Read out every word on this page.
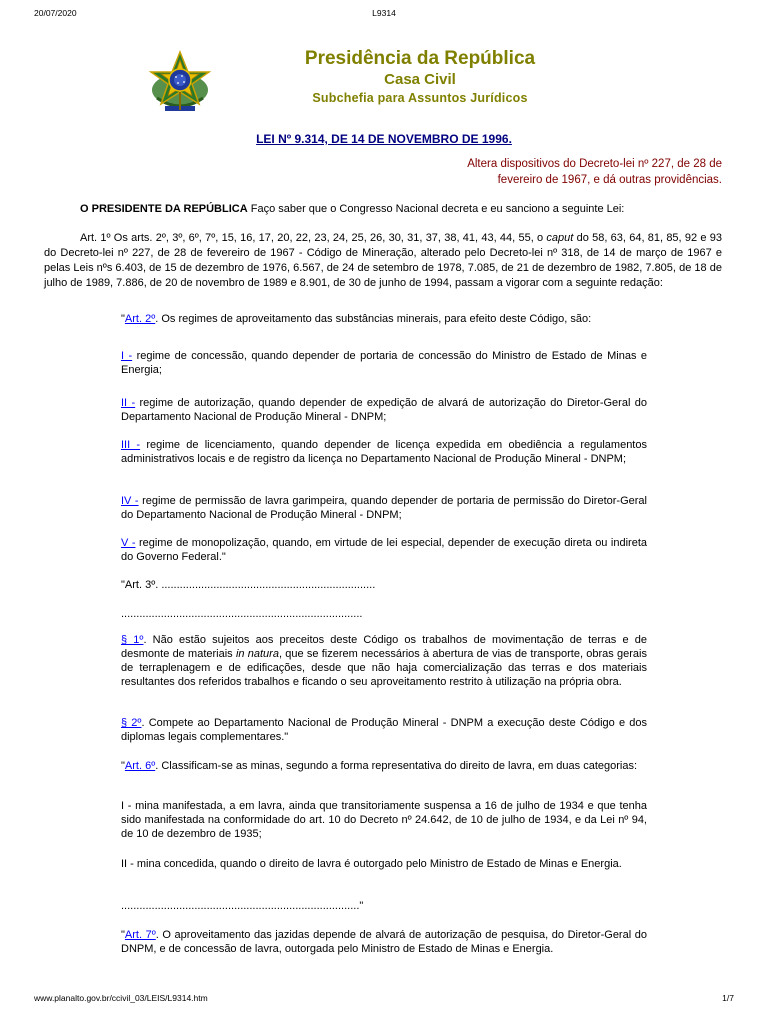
20/07/2020	L9314
Presidência da República
Casa Civil
Subchefia para Assuntos Jurídicos
LEI Nº 9.314, DE 14 DE NOVEMBRO DE 1996.
Altera dispositivos do Decreto-lei nº 227, de 28 de fevereiro de 1967, e dá outras providências.
O PRESIDENTE DA REPÚBLICA Faço saber que o Congresso Nacional decreta e eu sanciono a seguinte Lei:
Art. 1º Os arts. 2º, 3º, 6º, 7º, 15, 16, 17, 20, 22, 23, 24, 25, 26, 30, 31, 37, 38, 41, 43, 44, 55, o caput do 58, 63, 64, 81, 85, 92 e 93 do Decreto-lei nº 227, de 28 de fevereiro de 1967 - Código de Mineração, alterado pelo Decreto-lei nº 318, de 14 de março de 1967 e pelas Leis nºs 6.403, de 15 de dezembro de 1976, 6.567, de 24 de setembro de 1978, 7.085, de 21 de dezembro de 1982, 7.805, de 18 de julho de 1989, 7.886, de 20 de novembro de 1989 e 8.901, de 30 de junho de 1994, passam a vigorar com a seguinte redação:
"Art. 2º. Os regimes de aproveitamento das substâncias minerais, para efeito deste Código, são:
I - regime de concessão, quando depender de portaria de concessão do Ministro de Estado de Minas e Energia;
II - regime de autorização, quando depender de expedição de alvará de autorização do Diretor-Geral do Departamento Nacional de Produção Mineral - DNPM;
III - regime de licenciamento, quando depender de licença expedida em obediência a regulamentos administrativos locais e de registro da licença no Departamento Nacional de Produção Mineral - DNPM;
IV - regime de permissão de lavra garimpeira, quando depender de portaria de permissão do Diretor-Geral do Departamento Nacional de Produção Mineral - DNPM;
V - regime de monopolização, quando, em virtude de lei especial, depender de execução direta ou indireta do Governo Federal."
"Art. 3º. ......................................................................
...............................................................................
§ 1º. Não estão sujeitos aos preceitos deste Código os trabalhos de movimentação de terras e de desmonte de materiais in natura, que se fizerem necessários à abertura de vias de transporte, obras gerais de terraplenagem e de edificações, desde que não haja comercialização das terras e dos materiais resultantes dos referidos trabalhos e ficando o seu aproveitamento restrito à utilização na própria obra.
§ 2º. Compete ao Departamento Nacional de Produção Mineral - DNPM a execução deste Código e dos diplomas legais complementares."
"Art. 6º. Classificam-se as minas, segundo a forma representativa do direito de lavra, em duas categorias:
I - mina manifestada, a em lavra, ainda que transitoriamente suspensa a 16 de julho de 1934 e que tenha sido manifestada na conformidade do art. 10 do Decreto nº 24.642, de 10 de julho de 1934, e da Lei nº 94, de 10 de dezembro de 1935;
II - mina concedida, quando o direito de lavra é outorgado pelo Ministro de Estado de Minas e Energia.
.............................................................................."
"Art. 7º. O aproveitamento das jazidas depende de alvará de autorização de pesquisa, do Diretor-Geral do DNPM, e de concessão de lavra, outorgada pelo Ministro de Estado de Minas e Energia.
www.planalto.gov.br/ccivil_03/LEIS/L9314.htm	1/7
